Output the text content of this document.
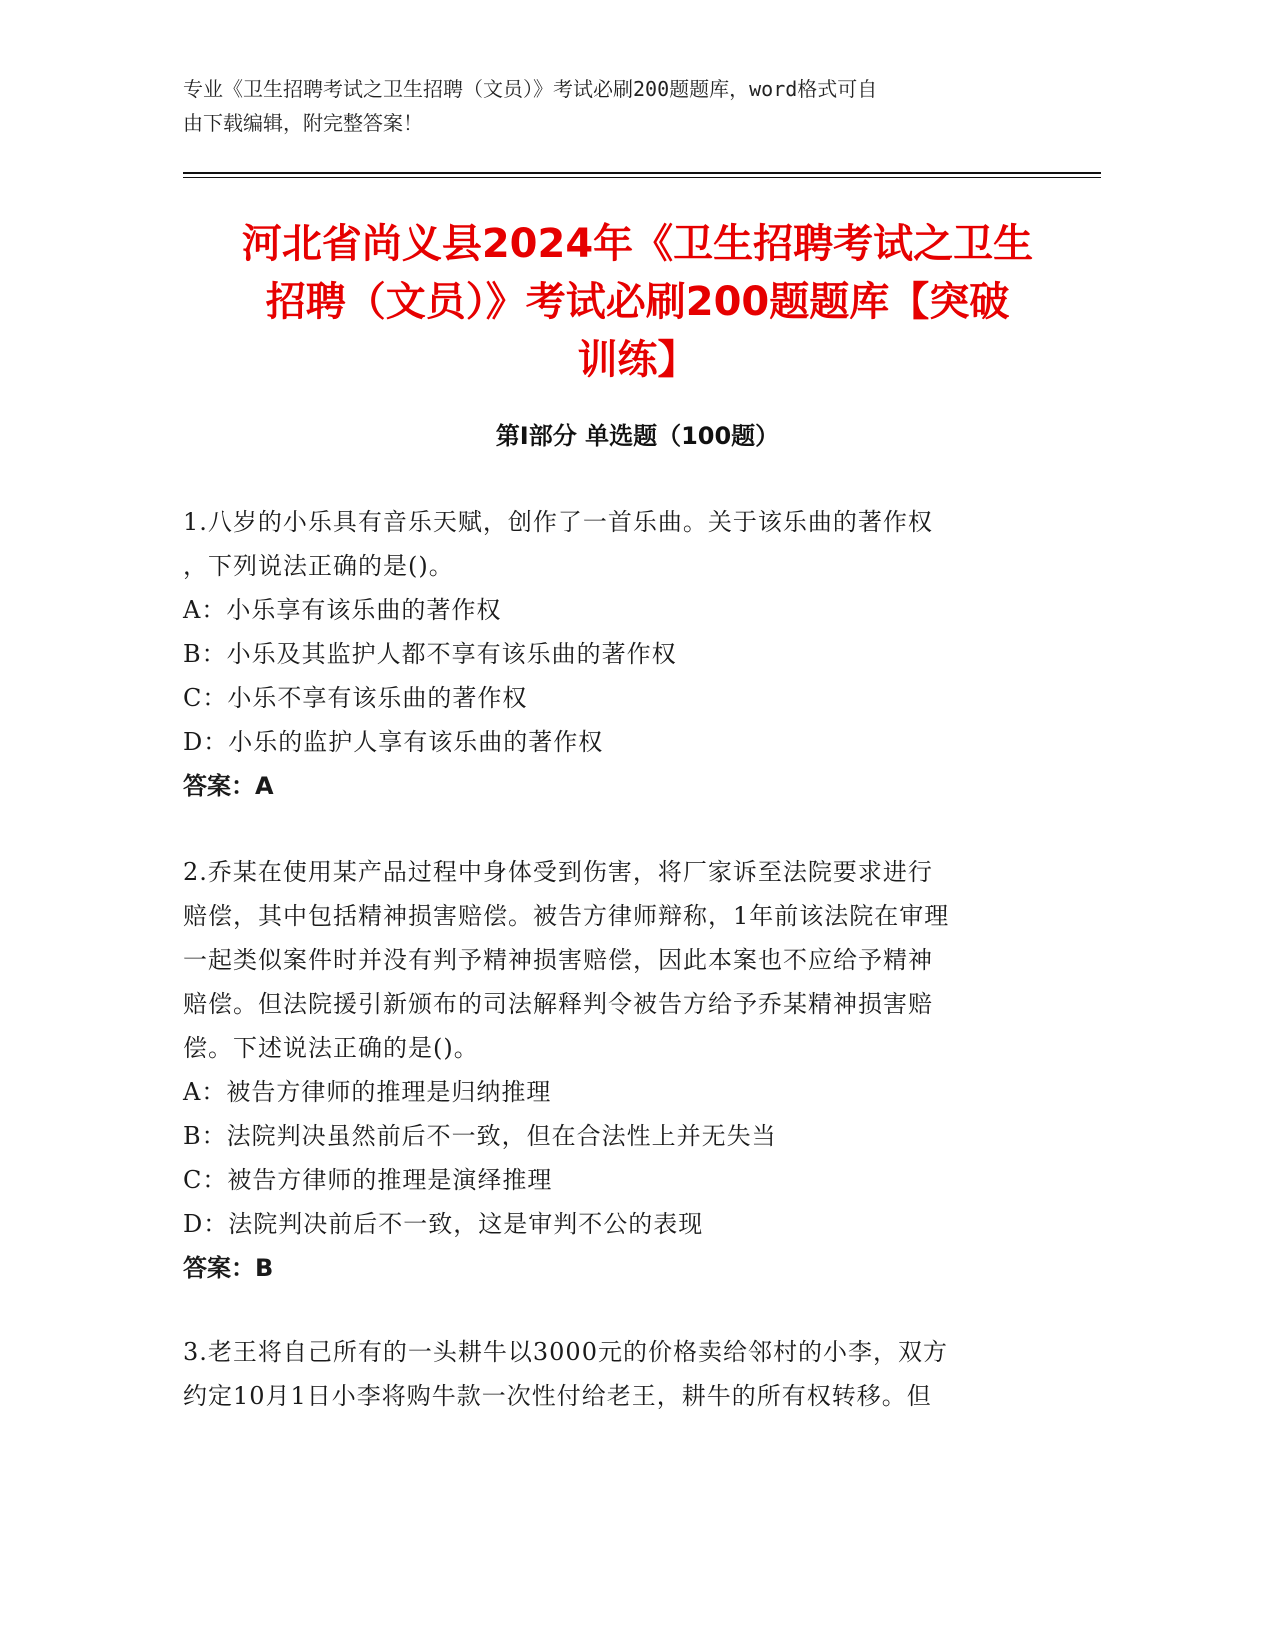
专业《卫生招聘考试之卫生招聘（文员）》考试必刷200题题库，word格式可自
由下载编辑，附完整答案！
河北省尚义县2024年《卫生招聘考试之卫生
招聘（文员）》考试必刷200题题库【突破
训练】
第Ⅰ部分 单选题（100题）

1.八岁的小乐具有音乐天赋，创作了一首乐曲。关于该乐曲的著作权

，下列说法正确的是()。

A：小乐享有该乐曲的著作权

B：小乐及其监护人都不享有该乐曲的著作权

C：小乐不享有该乐曲的著作权

D：小乐的监护人享有该乐曲的著作权

答案：A

2.乔某在使用某产品过程中身体受到伤害，将厂家诉至法院要求进行

赔偿，其中包括精神损害赔偿。被告方律师辩称，1年前该法院在审理

一起类似案件时并没有判予精神损害赔偿，因此本案也不应给予精神

赔偿。但法院援引新颁布的司法解释判令被告方给予乔某精神损害赔

偿。下述说法正确的是()。

A：被告方律师的推理是归纳推理

B：法院判决虽然前后不一致，但在合法性上并无失当

C：被告方律师的推理是演绎推理

D：法院判决前后不一致，这是审判不公的表现

答案：B

3.老王将自己所有的一头耕牛以3000元的价格卖给邻村的小李，双方

约定10月1日小李将购牛款一次性付给老王，耕牛的所有权转移。但
